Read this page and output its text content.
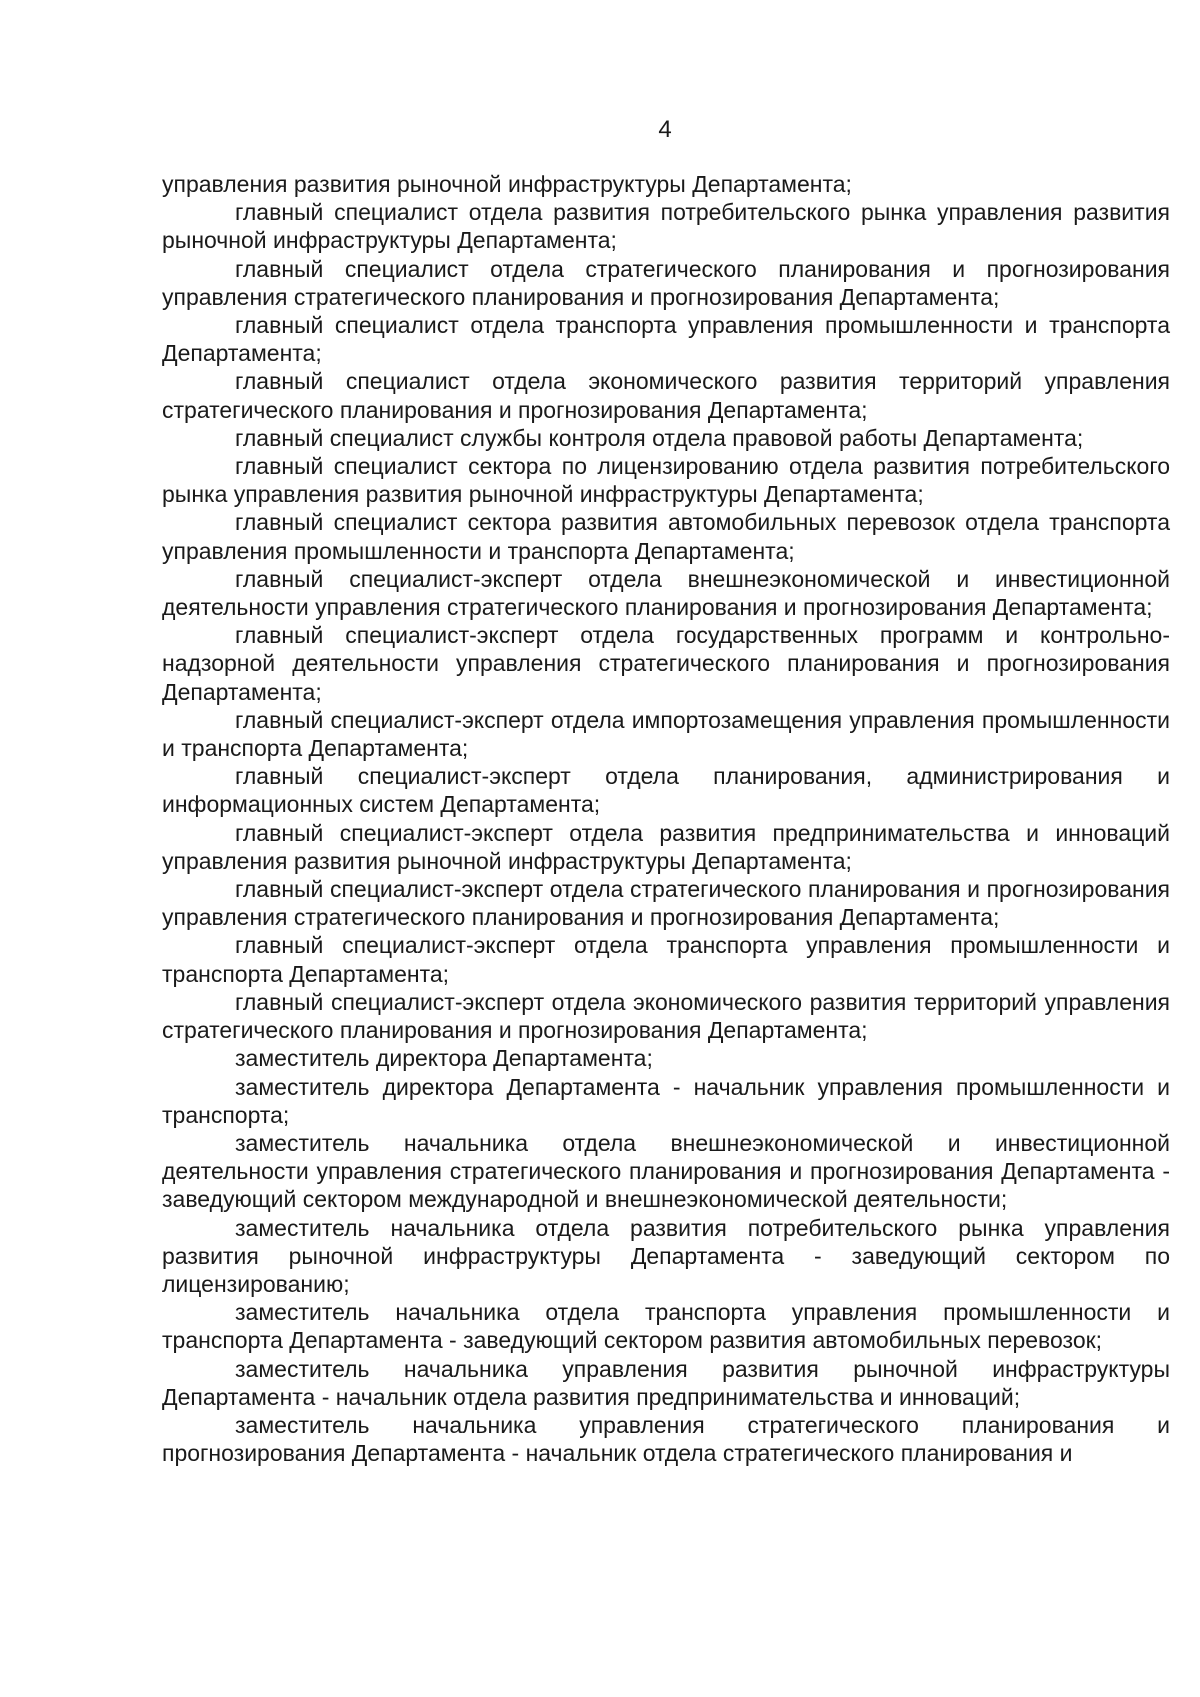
4

управления развития рыночной инфраструктуры Департамента;

главный специалист отдела развития потребительского рынка управления развития рыночной инфраструктуры Департамента;

главный специалист отдела стратегического планирования и прогнозирования управления стратегического планирования и прогнозирования Департамента;

главный специалист отдела транспорта управления промышленности и транспорта Департамента;

главный специалист отдела экономического развития территорий управления стратегического планирования и прогнозирования Департамента;

главный специалист службы контроля отдела правовой работы Департамента;

главный специалист сектора по лицензированию отдела развития потребительского рынка управления развития рыночной инфраструктуры Департамента;

главный специалист сектора развития автомобильных перевозок отдела транспорта управления промышленности и транспорта Департамента;

главный специалист-эксперт отдела внешнеэкономической и инвестиционной деятельности управления стратегического планирования и прогнозирования Департамента;

главный специалист-эксперт отдела государственных программ и контрольно-надзорной деятельности управления стратегического планирования и прогнозирования Департамента;

главный специалист-эксперт отдела импортозамещения управления промышленности и транспорта Департамента;

главный специалист-эксперт отдела планирования, администрирования и информационных систем Департамента;

главный специалист-эксперт отдела развития предпринимательства и инноваций управления развития рыночной инфраструктуры Департамента;

главный специалист-эксперт отдела стратегического планирования и прогнозирования управления стратегического планирования и прогнозирования Департамента;

главный специалист-эксперт отдела транспорта управления промышленности и транспорта Департамента;

главный специалист-эксперт отдела экономического развития территорий управления стратегического планирования и прогнозирования Департамента;

заместитель директора Департамента;

заместитель директора Департамента - начальник управления промышленности и транспорта;

заместитель начальника отдела внешнеэкономической и инвестиционной деятельности управления стратегического планирования и прогнозирования Департамента - заведующий сектором международной и внешнеэкономической деятельности;

заместитель начальника отдела развития потребительского рынка управления развития рыночной инфраструктуры Департамента - заведующий сектором по лицензированию;

заместитель начальника отдела транспорта управления промышленности и транспорта Департамента - заведующий сектором развития автомобильных перевозок;

заместитель начальника управления развития рыночной инфраструктуры Департамента - начальник отдела развития предпринимательства и инноваций;

заместитель начальника управления стратегического планирования и прогнозирования Департамента - начальник отдела стратегического планирования и
